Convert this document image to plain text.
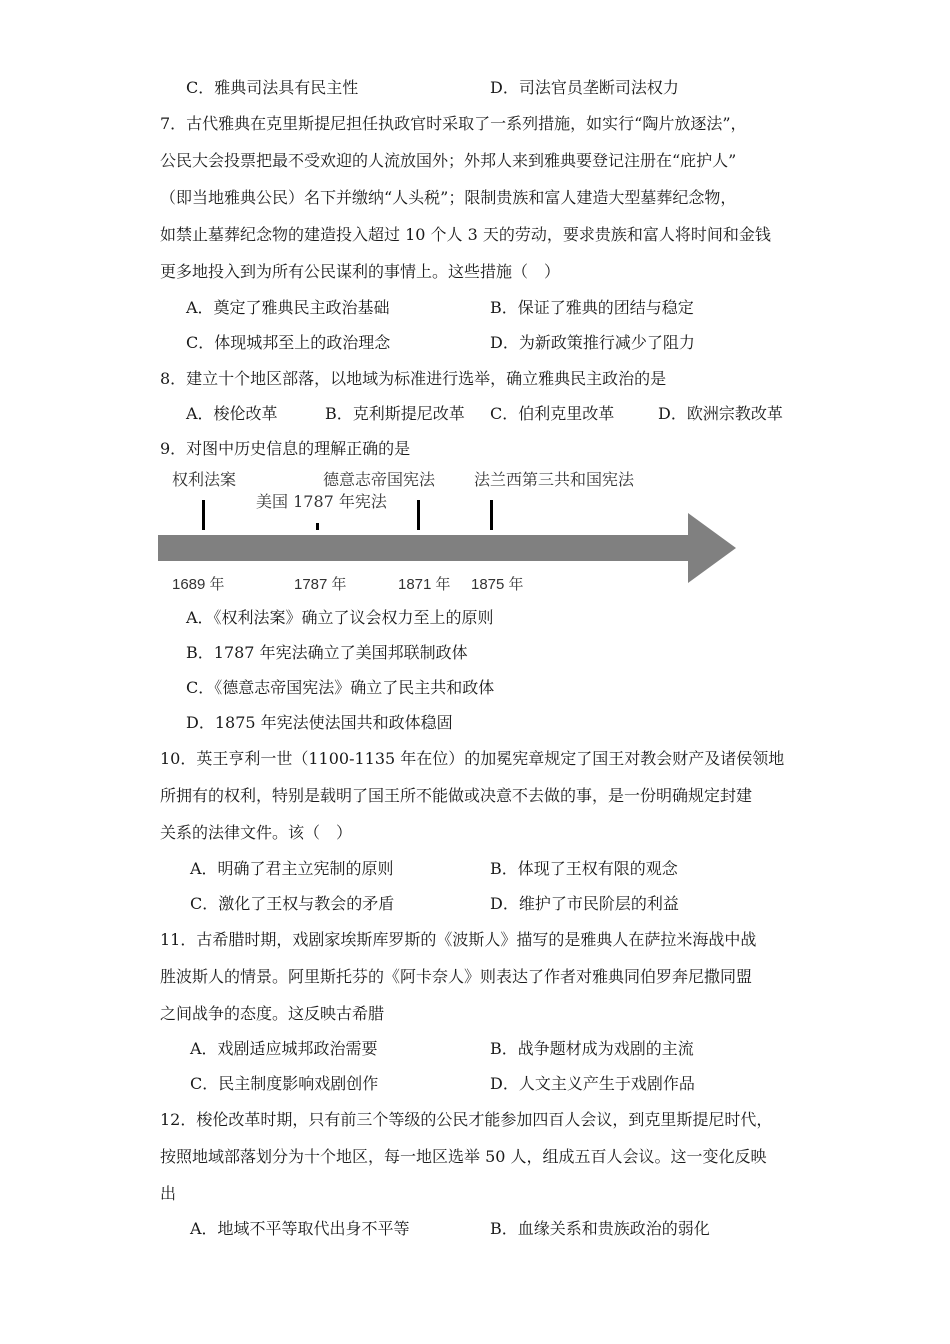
C．雅典司法具有民主性	D．司法官员垄断司法权力
7．古代雅典在克里斯提尼担任执政官时采取了一系列措施，如实行“陶片放逐法”，
公民大会投票把最不受欢迎的人流放国外；外邦人来到雅典要登记注册在“庇护人”
（即当地雅典公民）名下并缴纳“人头税”；限制贵族和富人建造大型墓葬纪念物，
如禁止墓葬纪念物的建造投入超过 10 个人 3 天的劳动，要求贵族和富人将时间和金钱
更多地投入到为所有公民谋利的事情上。这些措施（　）
A．奠定了雅典民主政治基础	B．保证了雅典的团结与稳定
C．体现城邦至上的政治理念	D．为新政策推行减少了阻力
8．建立十个地区部落，以地域为标准进行选举，确立雅典民主政治的是
A．梭伦改革	B．克利斯提尼改革 C．伯利克里改革	D．欧洲宗教改革
9．对图中历史信息的理解正确的是
权利法案
美国 1787 年宪法
德意志帝国宪法 法兰西第三共和国宪法
1689 年	1787 年	1871 年 1875 年
A．《权利法案》确立了议会权力至上的原则
B．1787 年宪法确立了美国邦联制政体
C．《德意志帝国宪法》确立了民主共和政体
D．1875 年宪法使法国共和政体稳固
10．英王亨利一世（1100-1135 年在位）的加冕宪章规定了国王对教会财产及诸侯领地
所拥有的权利，特别是载明了国王所不能做或决意不去做的事，是一份明确规定封建
关系的法律文件。该（　）
A．明确了君主立宪制的原则	B．体现了王权有限的观念
C．激化了王权与教会的矛盾	D．维护了市民阶层的利益
11．古希腊时期，戏剧家埃斯库罗斯的《波斯人》描写的是雅典人在萨拉米海战中战
胜波斯人的情景。阿里斯托芬的《阿卡奈人》则表达了作者对雅典同伯罗奔尼撒同盟
之间战争的态度。这反映古希腊
A．戏剧适应城邦政治需要	B．战争题材成为戏剧的主流
C．民主制度影响戏剧创作	D．人文主义产生于戏剧作品
12．梭伦改革时期，只有前三个等级的公民才能参加四百人会议，到克里斯提尼时代，
按照地域部落划分为十个地区，每一地区选举 50 人，组成五百人会议。这一变化反映
出
A．地域不平等取代出身不平等	B．血缘关系和贵族政治的弱化
